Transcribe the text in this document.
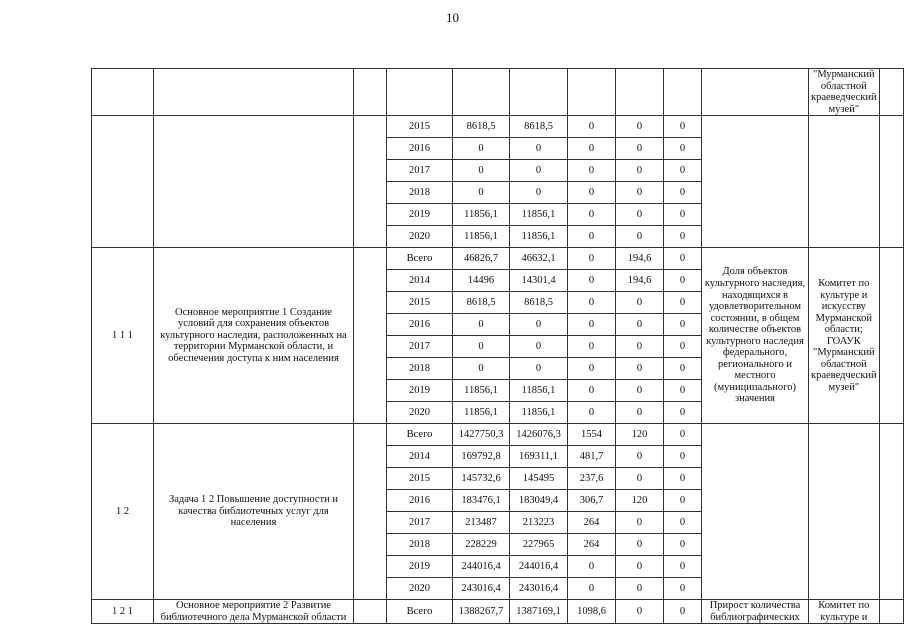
10
										"Мурманский областной краеведческий музей"	
			2015	8618,5	8618,5	0	0	0			
			2016	0	0	0	0	0			
			2017	0	0	0	0	0			
			2018	0	0	0	0	0			
			2019	11856,1	11856,1	0	0	0			
			2020	11856,1	11856,1	0	0	0			
1 1 1	Основное мероприятие 1 Создание условий для сохранения объектов культурного наследия, расположенных на территории Мурманской области, и обеспечения доступа к ним населения		Всего	46826,7	46632,1	0	194,6	0	Доля объектов культурного наследия, находящихся в удовлетворительном состоянии, в общем количестве объектов культурного наследия федерального, регионального и местного (муниципального) значения	Комитет по культуре и искусству Мурманской области; ГОАУК "Мурманский областной краеведческий музей"	
			2014	14496	14301,4	0	194,6	0			
			2015	8618,5	8618,5	0	0	0			
			2016	0	0	0	0	0			
			2017	0	0	0	0	0			
			2018	0	0	0	0	0			
			2019	11856,1	11856,1	0	0	0			
			2020	11856,1	11856,1	0	0	0			
1 2	Задача 1 2 Повышение доступности и качества библиотечных услуг для населения		Всего	1427750,3	1426076,3	1554	120	0			
			2014	169792,8	169311,1	481,7	0	0			
			2015	145732,6	145495	237,6	0	0			
			2016	183476,1	183049,4	306,7	120	0			
			2017	213487	213223	264	0	0			
			2018	228229	227965	264	0	0			
			2019	244016,4	244016,4	0	0	0			
			2020	243016,4	243016,4	0	0	0			
1 2 1	Основное мероприятие 2 Развитие библиотечного дела Мурманской области		Всего	1388267,7	1387169,1	1098,6	0	0	Прирост количества библиографических	Комитет по культуре и	
